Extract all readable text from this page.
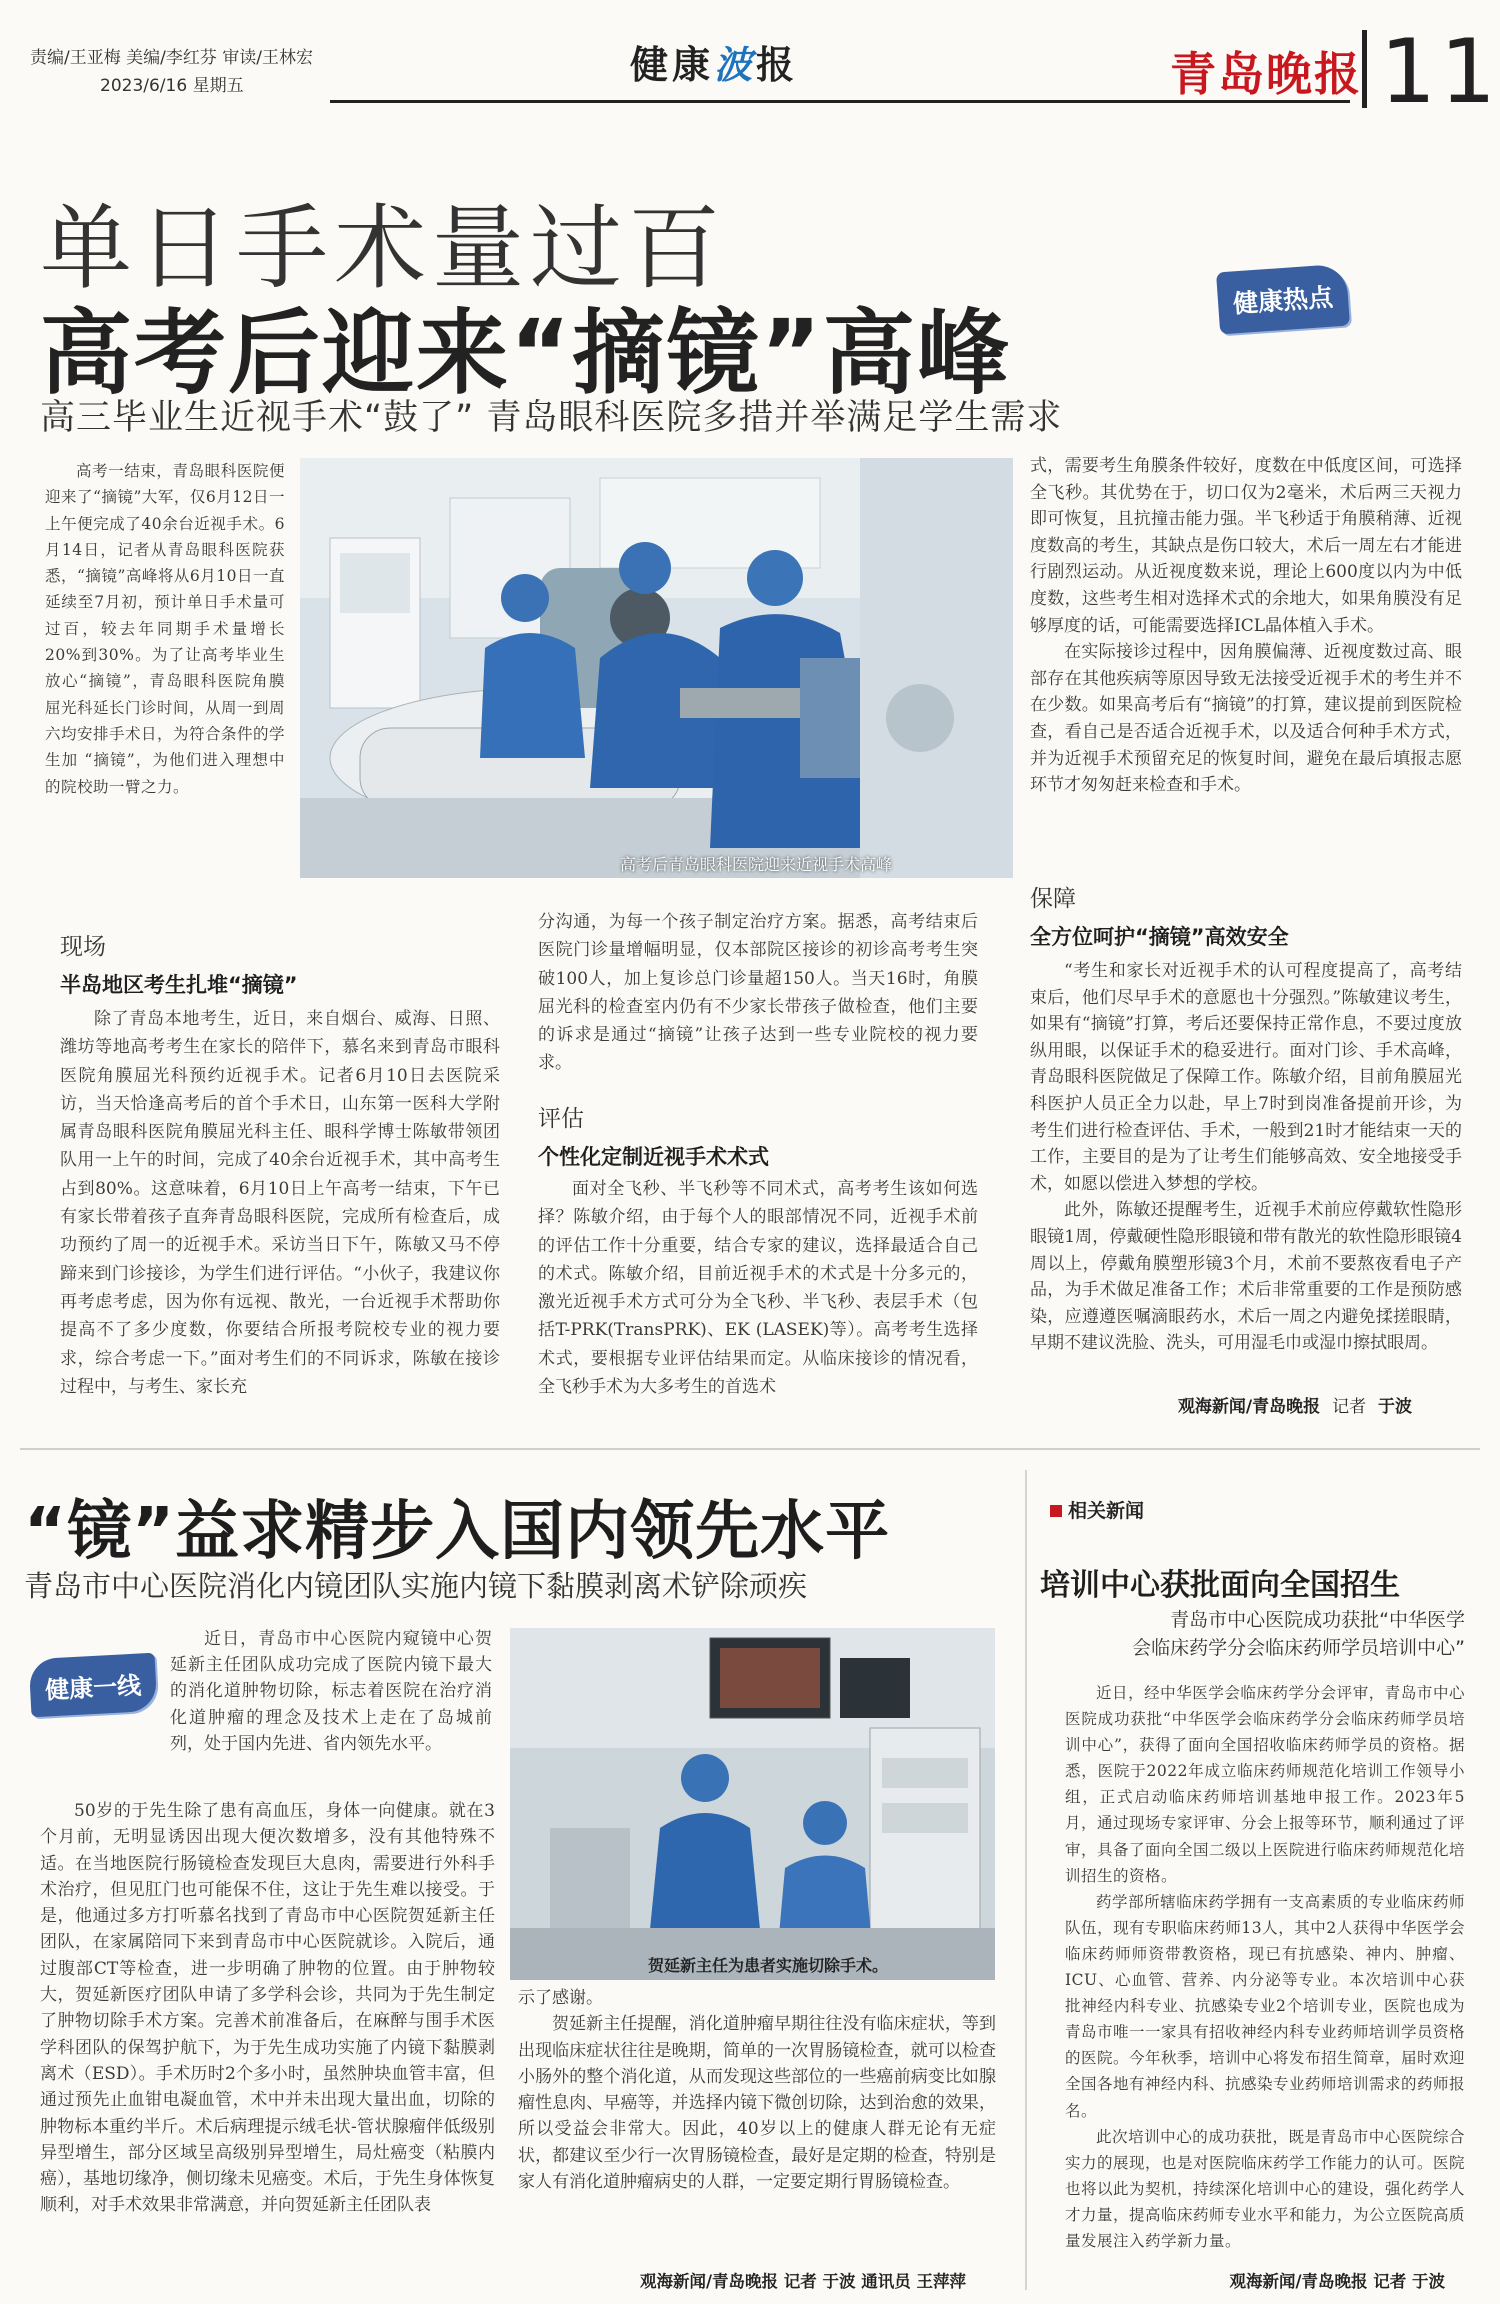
责编/王亚梅 美编/李红芬 审读/王林宏
2023/6/16 星期五	健康波报	青岛晚报 11
单日手术量过百
高考后迎来“摘镜”高峰
高三毕业生近视手术“鼓了” 青岛眼科医院多措并举满足学生需求
健康热点

高考一结束，青岛眼科医院便迎来了“摘镜”大军，仅6月12日一上午便完成了40余台近视手术。6月14日，记者从青岛眼科医院获悉，“摘镜”高峰将从6月10日一直延续至7月初，预计单日手术量可过百，较去年同期手术量增长20%到30%。为了让高考毕业生放心“摘镜”，青岛眼科医院角膜屈光科延长门诊时间，从周一到周六均安排手术日，为符合条件的学生加 “摘镜”，为他们进入理想中的院校助一臂之力。

高考后青岛眼科医院迎来近视手术高峰

式，需要考生角膜条件较好，度数在中低度区间，可选择全飞秒。其优势在于，切口仅为2毫米，术后两三天视力即可恢复，且抗撞击能力强。半飞秒适于角膜稍薄、近视度数高的考生，其缺点是伤口较大，术后一周左右才能进行剧烈运动。从近视度数来说，理论上600度以内为中低度数，这些考生相对选择术式的余地大，如果角膜没有足够厚度的话，可能需要选择ICL晶体植入手术。

在实际接诊过程中，因角膜偏薄、近视度数过高、眼部存在其他疾病等原因导致无法接受近视手术的考生并不在少数。如果高考后有“摘镜”的打算，建议提前到医院检查，看自己是否适合近视手术，以及适合何种手术方式，并为近视手术预留充足的恢复时间，避免在最后填报志愿环节才匆匆赶来检查和手术。

现场
半岛地区考生扎堆“摘镜”

除了青岛本地考生，近日，来自烟台、威海、日照、潍坊等地高考考生在家长的陪伴下，慕名来到青岛市眼科医院角膜屈光科预约近视手术。记者6月10日去医院采访，当天恰逢高考后的首个手术日，山东第一医科大学附属青岛眼科医院角膜屈光科主任、眼科学博士陈敏带领团队用一上午的时间，完成了40余台近视手术，其中高考生占到80%。这意味着，6月10日上午高考一结束，下午已有家长带着孩子直奔青岛眼科医院，完成所有检查后，成功预约了周一的近视手术。采访当日下午，陈敏又马不停蹄来到门诊接诊，为学生们进行评估。“小伙子，我建议你再考虑考虑，因为你有远视、散光，一台近视手术帮助你提高不了多少度数，你要结合所报考院校专业的视力要求，综合考虑一下。”面对考生们的不同诉求，陈敏在接诊过程中，与考生、家长充

分沟通，为每一个孩子制定治疗方案。据悉，高考结束后医院门诊量增幅明显，仅本部院区接诊的初诊高考考生突破100人，加上复诊总门诊量超150人。当天16时，角膜屈光科的检查室内仍有不少家长带孩子做检查，他们主要的诉求是通过“摘镜”让孩子达到一些专业院校的视力要求。

评估
个性化定制近视手术术式

面对全飞秒、半飞秒等不同术式，高考考生该如何选择？陈敏介绍，由于每个人的眼部情况不同，近视手术前的评估工作十分重要，结合专家的建议，选择最适合自己的术式。陈敏介绍，目前近视手术的术式是十分多元的，激光近视手术方式可分为全飞秒、半飞秒、表层手术（包括T-PRK(TransPRK)、EK (LASEK)等）。高考考生选择术式，要根据专业评估结果而定。从临床接诊的情况看，全飞秒手术为大多考生的首选术

保障
全方位呵护“摘镜”高效安全

“考生和家长对近视手术的认可程度提高了，高考结束后，他们尽早手术的意愿也十分强烈。”陈敏建议考生，如果有“摘镜”打算，考后还要保持正常作息，不要过度放纵用眼，以保证手术的稳妥进行。面对门诊、手术高峰，青岛眼科医院做足了保障工作。陈敏介绍，目前角膜屈光科医护人员正全力以赴，早上7时到岗准备提前开诊，为考生们进行检查评估、手术，一般到21时才能结束一天的工作，主要目的是为了让考生们能够高效、安全地接受手术，如愿以偿进入梦想的学校。

此外，陈敏还提醒考生，近视手术前应停戴软性隐形眼镜1周，停戴硬性隐形眼镜和带有散光的软性隐形眼镜4周以上，停戴角膜塑形镜3个月，术前不要熬夜看电子产品，为手术做足准备工作；术后非常重要的工作是预防感染，应遵遵医嘱滴眼药水，术后一周之内避免揉搓眼睛，早期不建议洗脸、洗头，可用湿毛巾或湿巾擦拭眼周。

观海新闻/青岛晚报 记者 于波
“镜”益求精步入国内领先水平
青岛市中心医院消化内镜团队实施内镜下黏膜剥离术铲除顽疾
健康一线

近日，青岛市中心医院内窥镜中心贺延新主任团队成功完成了医院内镜下最大的消化道肿物切除，标志着医院在治疗消化道肿瘤的理念及技术上走在了岛城前列，处于国内先进、省内领先水平。

贺延新主任为患者实施切除手术。

50岁的于先生除了患有高血压，身体一向健康。就在3个月前，无明显诱因出现大便次数增多，没有其他特殊不适。在当地医院行肠镜检查发现巨大息肉，需要进行外科手术治疗，但见肛门也可能保不住，这让于先生难以接受。于是，他通过多方打听慕名找到了青岛市中心医院贺延新主任团队，在家属陪同下来到青岛市中心医院就诊。入院后，通过腹部CT等检查，进一步明确了肿物的位置。由于肿物较大，贺延新医疗团队申请了多学科会诊，共同为于先生制定了肿物切除手术方案。完善术前准备后，在麻醉与围手术医学科团队的保驾护航下，为于先生成功实施了内镜下黏膜剥离术（ESD）。手术历时2个多小时，虽然肿块血管丰富，但通过预先止血钳电凝血管，术中并未出现大量出血，切除的肿物标本重约半斤。术后病理提示绒毛状-管状腺瘤伴低级别异型增生，部分区域呈高级别异型增生，局灶癌变（粘膜内癌），基地切缘净，侧切缘未见癌变。术后，于先生身体恢复顺利，对手术效果非常满意，并向贺延新主任团队表

示了感谢。

贺延新主任提醒，消化道肿瘤早期往往没有临床症状，等到出现临床症状往往是晚期，简单的一次胃肠镜检查，就可以检查小肠外的整个消化道，从而发现这些部位的一些癌前病变比如腺瘤性息肉、早癌等，并选择内镜下微创切除，达到治愈的效果，所以受益会非常大。因此，40岁以上的健康人群无论有无症状，都建议至少行一次胃肠镜检查，最好是定期的检查，特别是家人有消化道肿瘤病史的人群，一定要定期行胃肠镜检查。

观海新闻/青岛晚报 记者 于波 通讯员 王萍萍
相关新闻
培训中心获批面向全国招生
青岛市中心医院成功获批“中华医学
会临床药学分会临床药师学员培训中心”

近日，经中华医学会临床药学分会评审，青岛市中心医院成功获批“中华医学会临床药学分会临床药师学员培训中心”，获得了面向全国招收临床药师学员的资格。据悉，医院于2022年成立临床药师规范化培训工作领导小组，正式启动临床药师培训基地申报工作。2023年5月，通过现场专家评审、分会上报等环节，顺利通过了评审，具备了面向全国二级以上医院进行临床药师规范化培训招生的资格。

药学部所辖临床药学拥有一支高素质的专业临床药师队伍，现有专职临床药师13人，其中2人获得中华医学会临床药师师资带教资格，现已有抗感染、神内、肿瘤、ICU、心血管、营养、内分泌等专业。本次培训中心获批神经内科专业、抗感染专业2个培训专业，医院也成为青岛市唯一一家具有招收神经内科专业药师培训学员资格的医院。今年秋季，培训中心将发布招生简章，届时欢迎全国各地有神经内科、抗感染专业药师培训需求的药师报名。

此次培训中心的成功获批，既是青岛市中心医院综合实力的展现，也是对医院临床药学工作能力的认可。医院也将以此为契机，持续深化培训中心的建设，强化药学人才力量，提高临床药师专业水平和能力，为公立医院高质量发展注入药学新力量。

观海新闻/青岛晚报 记者 于波
